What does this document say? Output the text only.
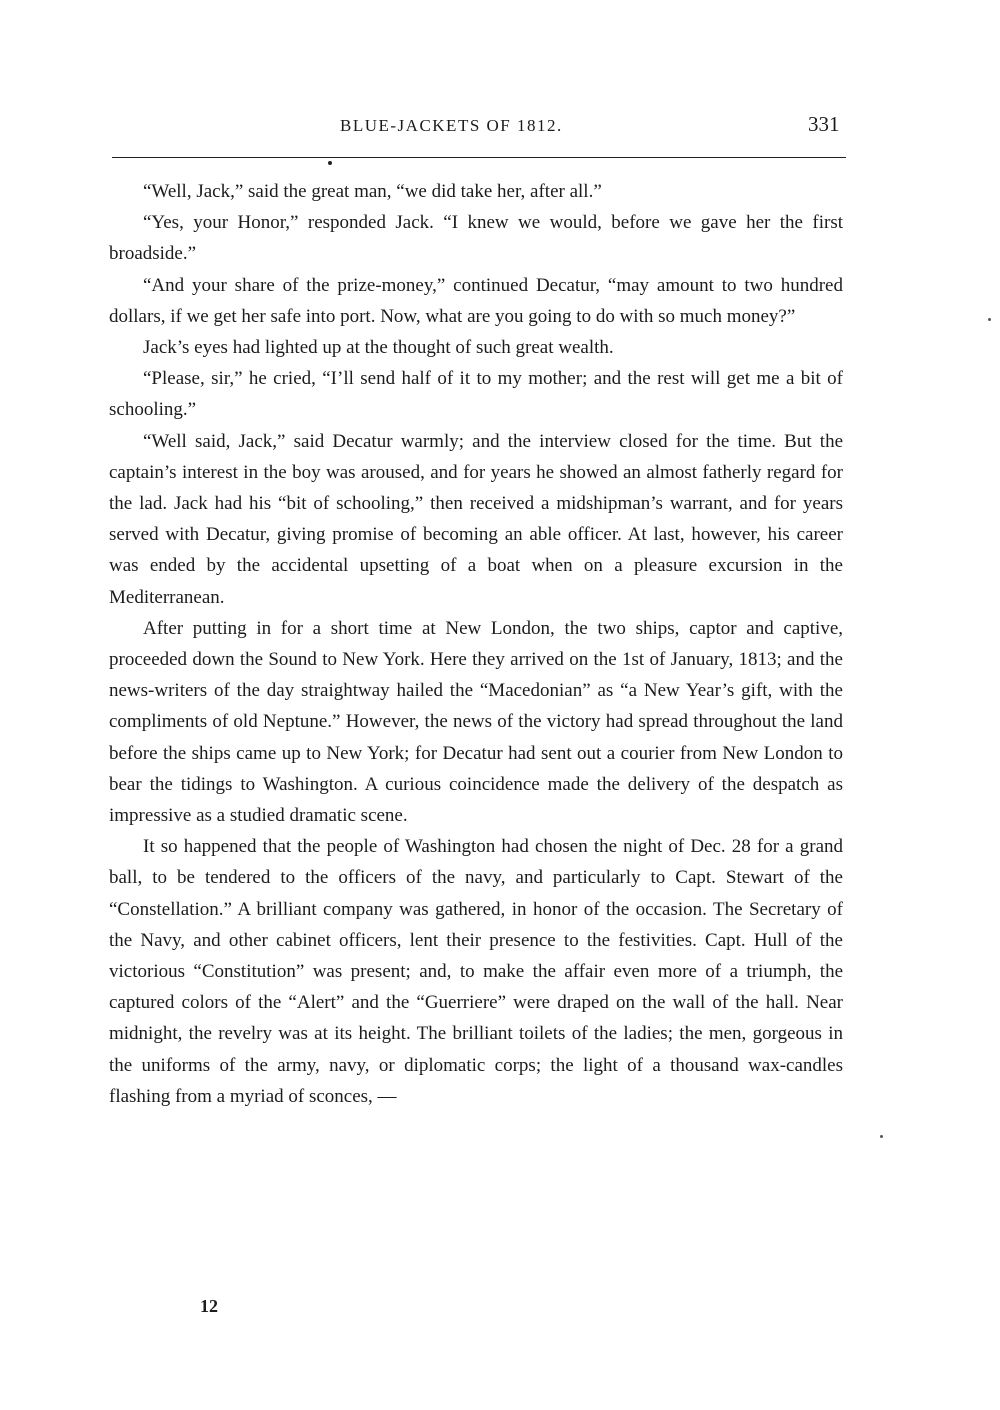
BLUE-JACKETS OF 1812.	331

“Well, Jack,” said the great man, “we did take her, after all.”

“Yes, your Honor,” responded Jack. “I knew we would, before we gave her the first broadside.”

“And your share of the prize-money,” continued Decatur, “may amount to two hundred dollars, if we get her safe into port. Now, what are you going to do with so much money?”

Jack’s eyes had lighted up at the thought of such great wealth.

“Please, sir,” he cried, “I’ll send half of it to my mother; and the rest will get me a bit of schooling.”

“Well said, Jack,” said Decatur warmly; and the interview closed for the time. But the captain’s interest in the boy was aroused, and for years he showed an almost fatherly regard for the lad. Jack had his “bit of schooling,” then received a midshipman’s warrant, and for years served with Decatur, giving promise of becoming an able officer. At last, however, his career was ended by the accidental upsetting of a boat when on a pleasure excursion in the Mediterranean.

After putting in for a short time at New London, the two ships, captor and captive, proceeded down the Sound to New York. Here they arrived on the 1st of January, 1813; and the news-writers of the day straightway hailed the “Macedonian” as “a New Year’s gift, with the compliments of old Neptune.” However, the news of the victory had spread throughout the land before the ships came up to New York; for Decatur had sent out a courier from New London to bear the tidings to Washington. A curious coincidence made the delivery of the despatch as impressive as a studied dramatic scene.

It so happened that the people of Washington had chosen the night of Dec. 28 for a grand ball, to be tendered to the officers of the navy, and particularly to Capt. Stewart of the “Constellation.” A brilliant company was gathered, in honor of the occasion. The Secretary of the Navy, and other cabinet officers, lent their presence to the festivities. Capt. Hull of the victorious “Constitution” was present; and, to make the affair even more of a triumph, the captured colors of the “Alert” and the “Guerriere” were draped on the wall of the hall. Near midnight, the revelry was at its height. The brilliant toilets of the ladies; the men, gorgeous in the uniforms of the army, navy, or diplomatic corps; the light of a thousand wax-candles flashing from a myriad of sconces, —

12
